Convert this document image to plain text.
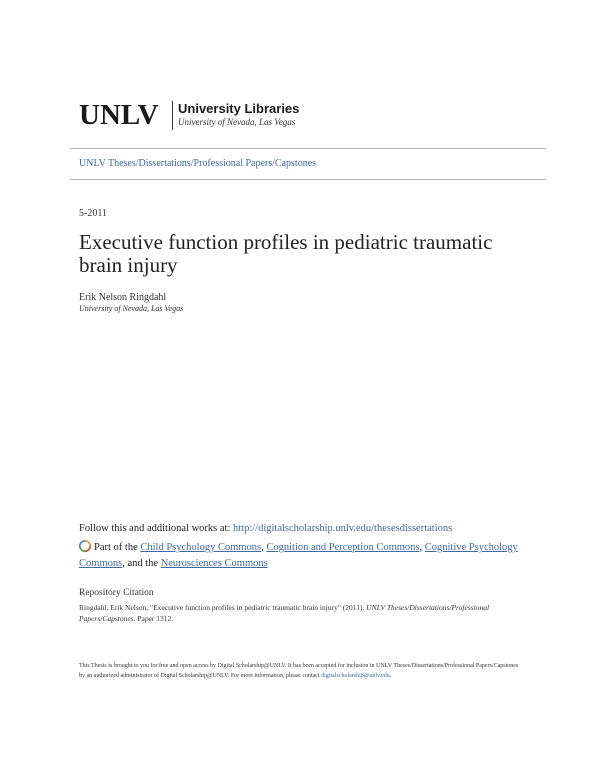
UNLV University Libraries
University of Nevada, Las Vegas
UNLV Theses/Dissertations/Professional Papers/Capstones
5-2011
Executive function profiles in pediatric traumatic brain injury
Erik Nelson Ringdahl
University of Nevada, Las Vegas
Follow this and additional works at: http://digitalscholarship.unlv.edu/thesesdissertations
Part of the Child Psychology Commons, Cognition and Perception Commons, Cognitive Psychology Commons, and the Neurosciences Commons
Repository Citation
Ringdahl, Erik Nelson, "Executive function profiles in pediatric traumatic brain injury" (2011). UNLV Theses/Dissertations/Professional Papers/Capstones. Paper 1312.
This Thesis is brought to you for free and open access by Digital Scholarship@UNLV. It has been accepted for inclusion in UNLV Theses/Dissertations/Professional Papers/Capstones by an authorized administrator of Digital Scholarship@UNLV. For more information, please contact digitalscholarship@unlv.edu.
